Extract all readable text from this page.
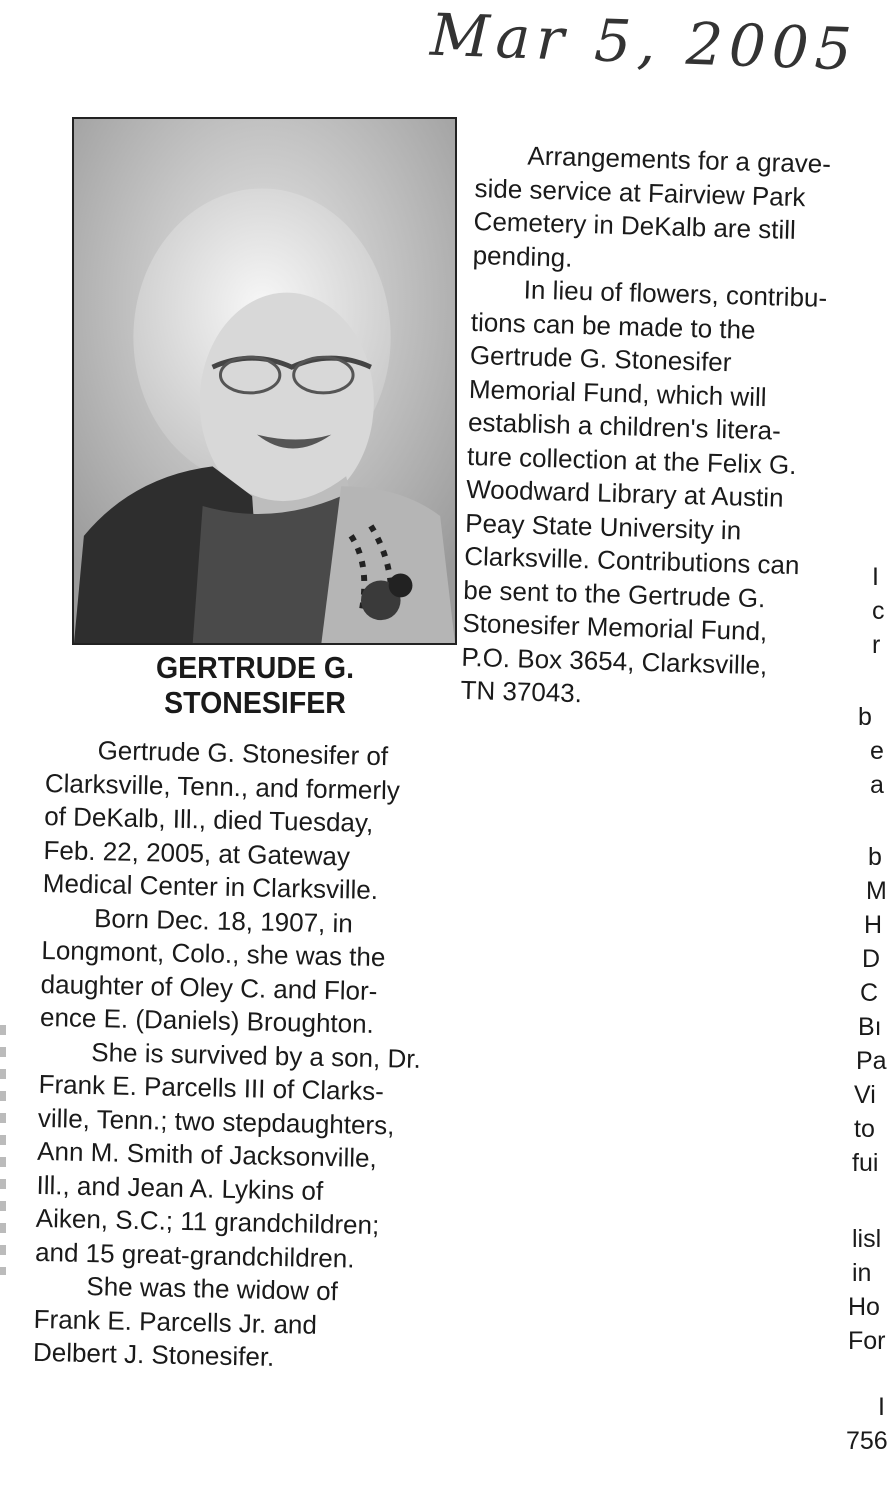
Mar 5, 2005
GERTRUDE G.
STONESIFER

Gertrude G. Stonesifer of
Clarksville, Tenn., and formerly
of DeKalb, Ill., died Tuesday,
Feb. 22, 2005, at Gateway
Medical Center in Clarksville.

Born Dec. 18, 1907, in
Longmont, Colo., she was the
daughter of Oley C. and Flor-
ence E. (Daniels) Broughton.

She is survived by a son, Dr.
Frank E. Parcells III of Clarks-
ville, Tenn.; two stepdaughters,
Ann M. Smith of Jacksonville,
Ill., and Jean A. Lykins of
Aiken, S.C.; 11 grandchildren;
and 15 great-grandchildren.

She was the widow of
Frank E. Parcells Jr. and
Delbert J. Stonesifer.

Arrangements for a grave-
side service at Fairview Park
Cemetery in DeKalb are still
pending.

In lieu of flowers, contribu-
tions can be made to the
Gertrude G. Stonesifer
Memorial Fund, which will
establish a children's litera-
ture collection at the Felix G.
Woodward Library at Austin
Peay State University in
Clarksville. Contributions can
be sent to the Gertrude G.
Stonesifer Memorial Fund,
P.O. Box 3654, Clarksville,
TN 37043.

I
c
r
b
e
a
b
M
H
D
C
Bı
Pa
Vi
to
fui
lisl
in
Ho
For
I
756
